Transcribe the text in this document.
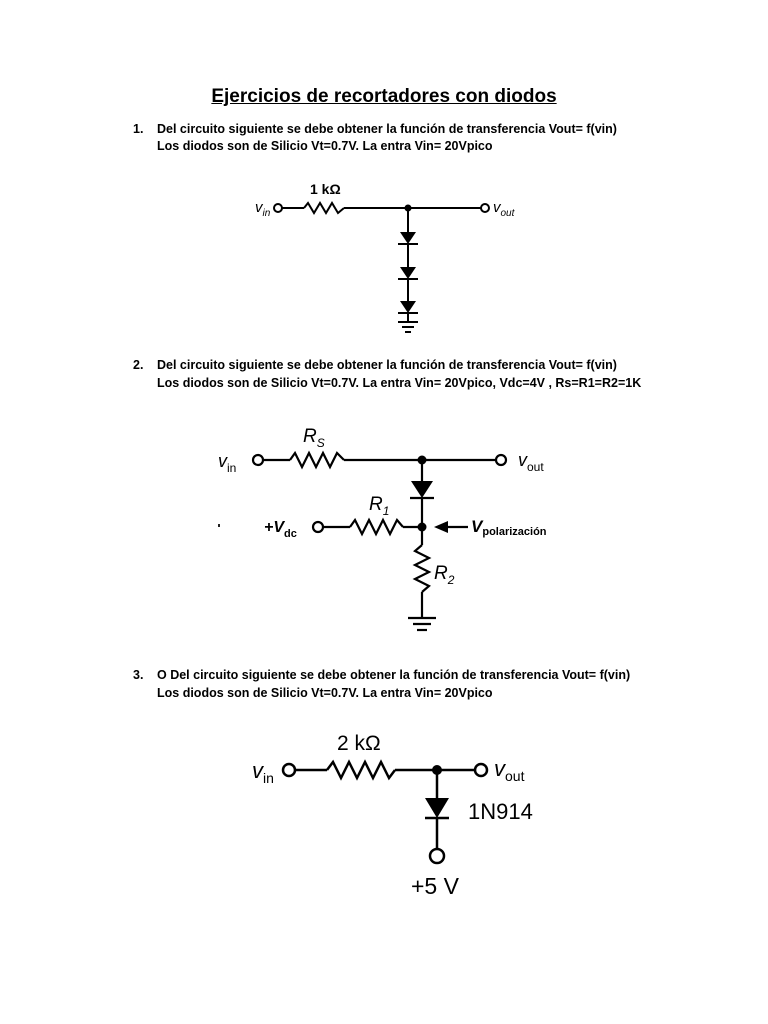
Ejercicios de recortadores con diodos
1. Del circuito siguiente se debe obtener la función de transferencia Vout= f(vin)
Los diodos son de Silicio Vt=0.7V. La entra Vin= 20Vpico
$v_{in}$
1 kΩ
$v_{out}$
2. Del circuito siguiente se debe obtener la función de transferencia Vout= f(vin)
Los diodos son de Silicio Vt=0.7V. La entra Vin= 20Vpico, Vdc=4V , Rs=R1=R2=1K
$v_{in}$
$R_S$
$v_{out}$
$R_1$
$+V_{dc}$	Vpolarización
$R_2$
3. O Del circuito siguiente se debe obtener la función de transferencia Vout= f(vin)
Los diodos son de Silicio Vt=0.7V. La entra Vin= 20Vpico
$v_{in}$
2 kΩ
$v_{out}$
1N914
+5 V
